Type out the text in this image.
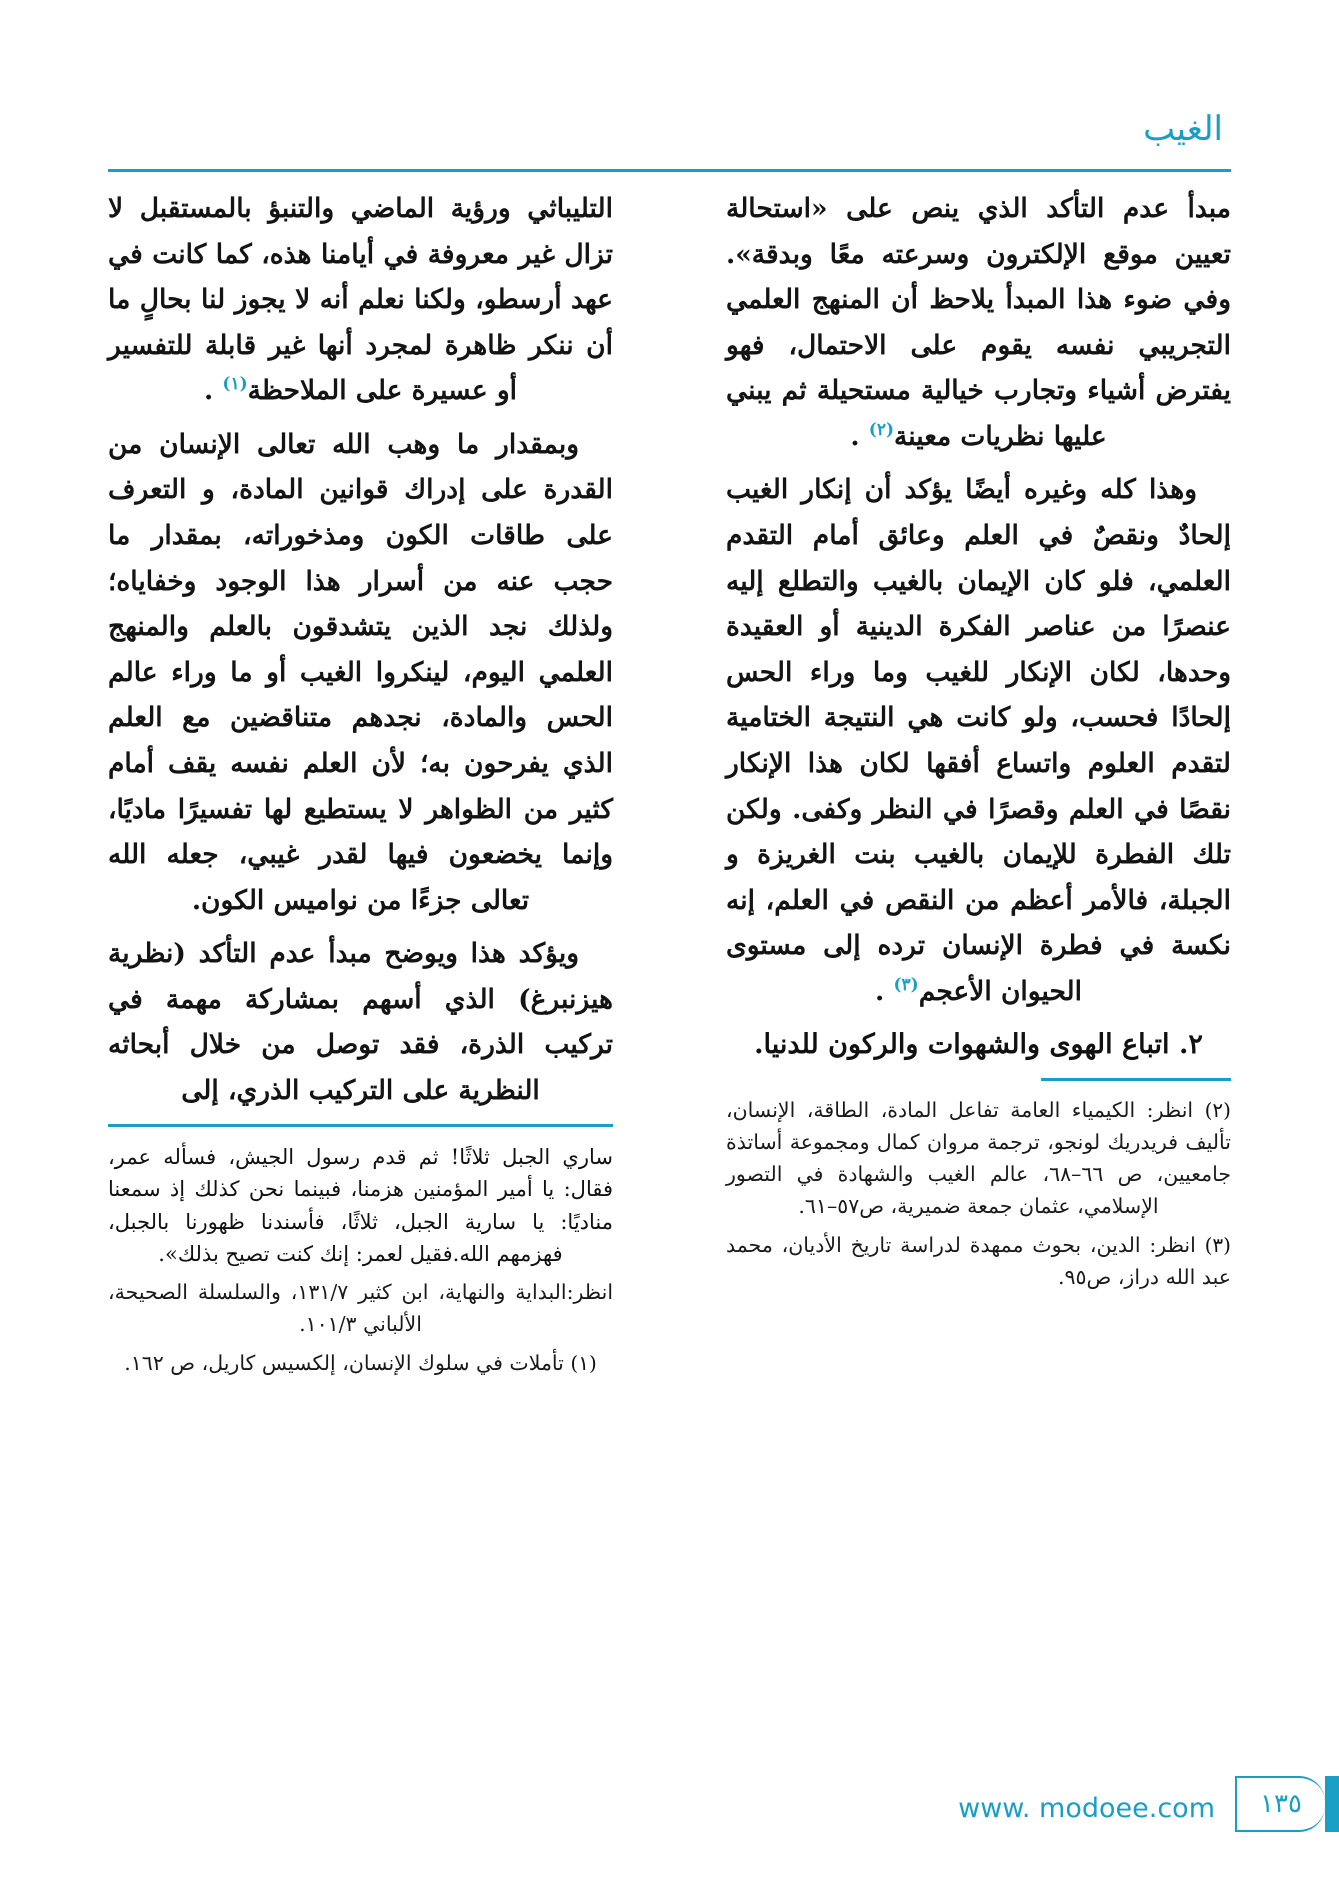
الغيب

مبدأ عدم التأكد الذي ينص على «استحالة تعيين موقع الإلكترون وسرعته معًا وبدقة». وفي ضوء هذا المبدأ يلاحظ أن المنهج العلمي التجريبي نفسه يقوم على الاحتمال، فهو يفترض أشياء وتجارب خيالية مستحيلة ثم يبني عليها نظريات معينة$^{(٢)}$ .

وهذا كله وغيره أيضًا يؤكد أن إنكار الغيب إلحادٌ ونقصٌ في العلم وعائق أمام التقدم العلمي، فلو كان الإيمان بالغيب والتطلع إليه عنصرًا من عناصر الفكرة الدينية أو العقيدة وحدها، لكان الإنكار للغيب وما وراء الحس إلحادًا فحسب، ولو كانت هي النتيجة الختامية لتقدم العلوم واتساع أفقها لكان هذا الإنكار نقصًا في العلم وقصرًا في النظر وكفى. ولكن تلك الفطرة للإيمان بالغيب بنت الغريزة و الجبلة، فالأمر أعظم من النقص في العلم، إنه نكسة في فطرة الإنسان ترده إلى مستوى الحيوان الأعجم$^{(٣)}$ .

٢. اتباع الهوى والشهوات والركون للدنيا.

(٢) انظر: الكيمياء العامة تفاعل المادة، الطاقة، الإنسان، تأليف فريدريك لونجو، ترجمة مروان كمال ومجموعة أساتذة جامعيين، ص ٦٦–٦٨، عالم الغيب والشهادة في التصور الإسلامي، عثمان جمعة ضميرية، ص٥٧–٦١.
(٣) انظر: الدين، بحوث ممهدة لدراسة تاريخ الأديان، محمد عبد الله دراز، ص٩٥.

التليباثي ورؤية الماضي والتنبؤ بالمستقبل لا تزال غير معروفة في أيامنا هذه، كما كانت في عهد أرسطو، ولكنا نعلم أنه لا يجوز لنا بحالٍ ما أن ننكر ظاهرة لمجرد أنها غير قابلة للتفسير أو عسيرة على الملاحظة$^{(١)}$ .

وبمقدار ما وهب الله تعالى الإنسان من القدرة على إدراك قوانين المادة، و التعرف على طاقات الكون ومذخوراته، بمقدار ما حجب عنه من أسرار هذا الوجود وخفاياه؛ ولذلك نجد الذين يتشدقون بالعلم والمنهج العلمي اليوم، لينكروا الغيب أو ما وراء عالم الحس والمادة، نجدهم متناقضين مع العلم الذي يفرحون به؛ لأن العلم نفسه يقف أمام كثير من الظواهر لا يستطيع لها تفسيرًا ماديًا، وإنما يخضعون فيها لقدر غيبي، جعله الله تعالى جزءًا من نواميس الكون.

ويؤكد هذا ويوضح مبدأ عدم التأكد (نظرية هيزنبرغ) الذي أسهم بمشاركة مهمة في تركيب الذرة، فقد توصل من خلال أبحاثه النظرية على التركيب الذري، إلى

ساري الجبل ثلاثًا! ثم قدم رسول الجيش، فسأله عمر، فقال: يا أمير المؤمنين هزمنا، فبينما نحن كذلك إذ سمعنا مناديًا: يا سارية الجبل، ثلاثًا، فأسندنا ظهورنا بالجبل، فهزمهم الله.فقيل لعمر: إنك كنت تصيح بذلك».
انظر:البداية والنهاية، ابن كثير ١٣١/٧، والسلسلة الصحيحة، الألباني ١٠١/٣.
(١) تأملات في سلوك الإنسان، إلكسيس كاريل، ص ١٦٢.
١٣٥
www. modoee.com
